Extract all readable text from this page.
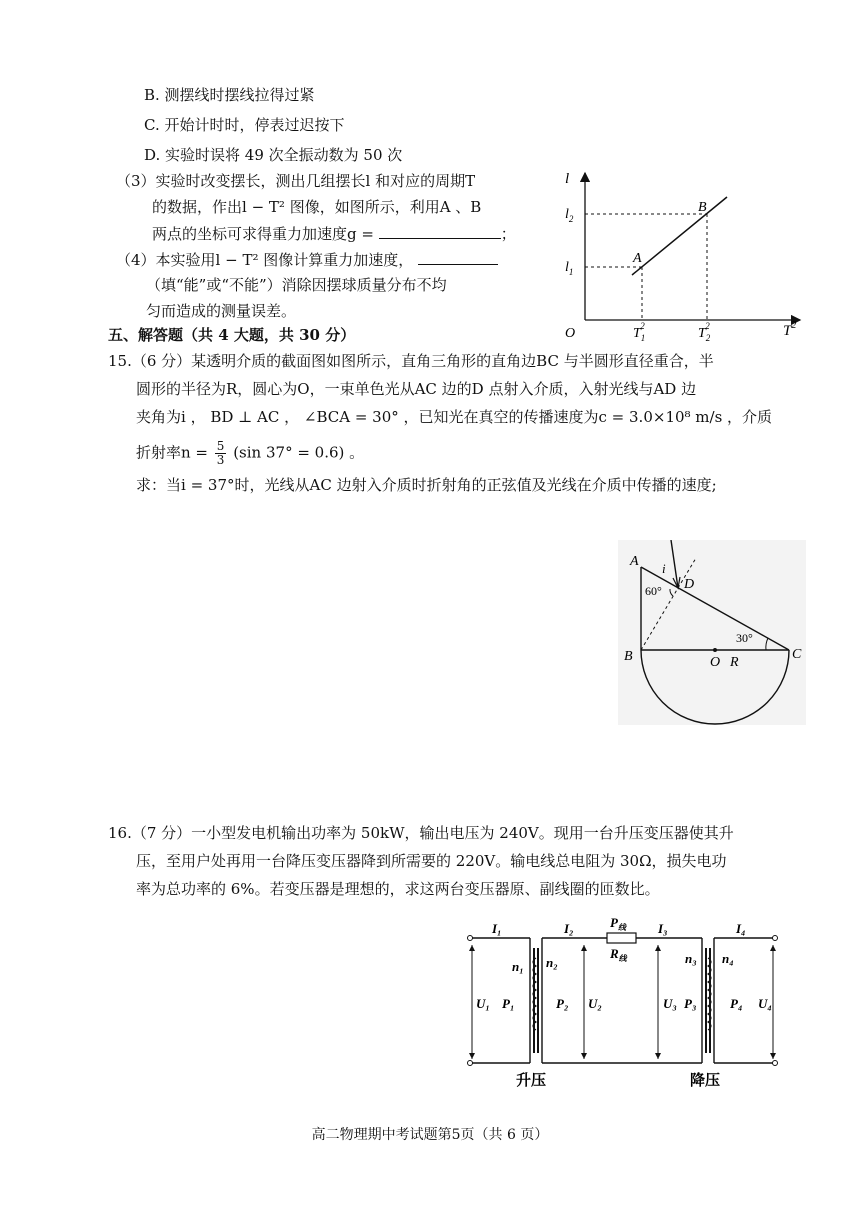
B. 测摆线时摆线拉得过紧
C. 开始计时时，停表过迟按下
D. 实验时误将 49 次全振动数为 50 次
（3）实验时改变摆长，测出几组摆长l 和对应的周期T
的数据，作出l − T² 图像，如图所示，利用A 、B
两点的坐标可求得重力加速度g =	；
（4）本实验用l − T² 图像计算重力加速度，
（填“能”或“不能”）消除因摆球质量分布不均
匀而造成的测量误差。
l
$T^2$
O
$l_1$
$l_2$
$T_12$	$T_22$
A
B
五、解答题（共 4 大题，共 30 分）
15.（6 分）某透明介质的截面图如图所示，直角三角形的直角边BC 与半圆形直径重合，半
圆形的半径为R，圆心为O，一束单色光从AC 边的D 点射入介质，入射光线与AD 边
夹角为i ， BD ⊥ AC ， ∠BCA = 30° ，已知光在真空的传播速度为c = 3.0×10⁸ m/s ，介质
折射率$n = \frac{5}{3} (\sin$ 37° = 0.6) 。
求：当i = 37°时，光线从AC 边射入介质时折射角的正弦值及光线在介质中传播的速度;
A
B	C
D
O R
i
60°
30°
16.（7 分）一小型发电机输出功率为 50kW，输出电压为 240V。现用一台升压变压器使其升
压，至用户处再用一台降压变压器降到所需要的 220V。输电线总电阻为 30Ω，损失电功
率为总功率的 6%。若变压器是理想的，求这两台变压器原、副线圈的匝数比。
I₁	I₂	I₃	I₄
$P_线$
$R_线$
n₁ n₂	n₃ n₄
U₁ P₁	P₂ U₂	U₃ P₃	P₄ U₄
升压	降压
高二物理期中考试题第5页（共 6 页）
